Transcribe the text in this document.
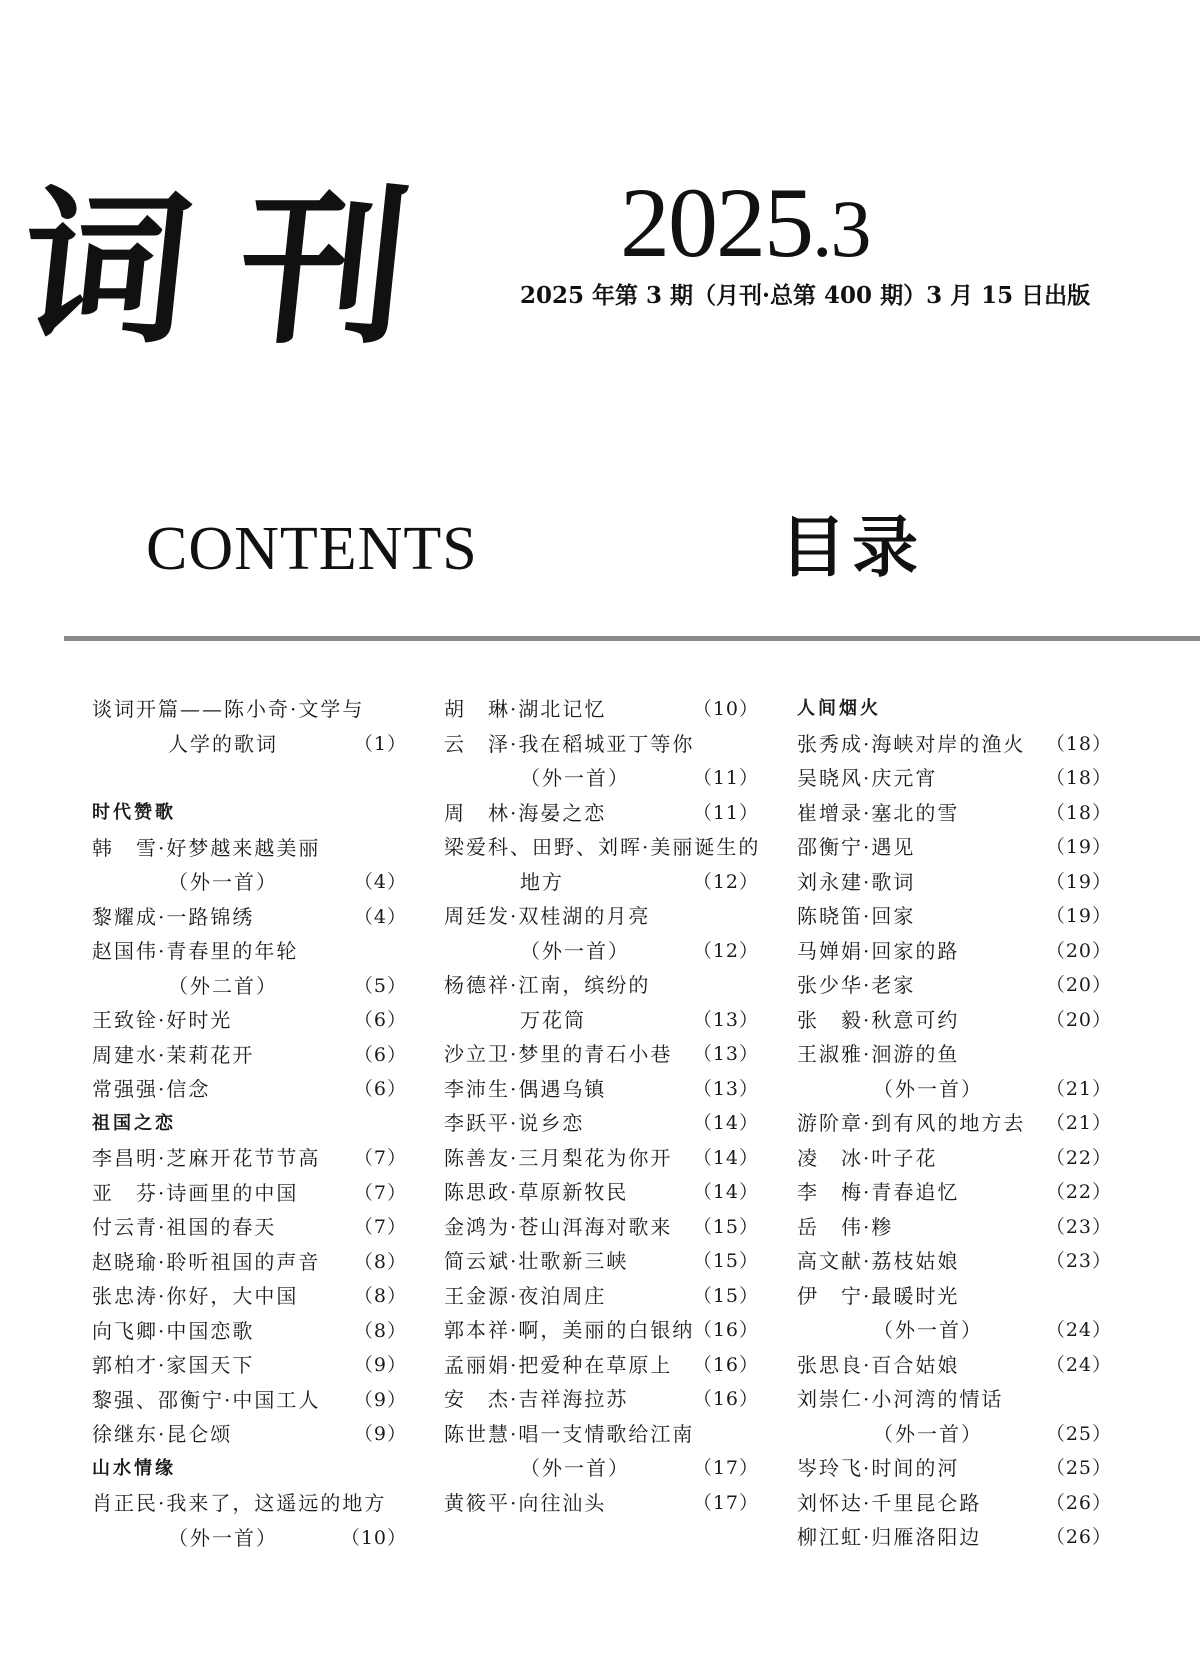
词 刊 2025.3
2025 年第 3 期（月刊·总第 400 期）3 月 15 日出版
CONTENTS	目录
谈词开篇——陈小奇·文学与
人学的歌词	（1）
时代赞歌
韩　雪·好梦越来越美丽
（外一首）	（4）
黎耀成·一路锦绣	（4）
赵国伟·青春里的年轮
（外二首）	（5）
王致铨·好时光	（6）
周建水·茉莉花开	（6）
常强强·信念	（6）
祖国之恋
李昌明·芝麻开花节节高 （7）
亚　芬·诗画里的中国	（7）
付云青·祖国的春天	（7）
赵晓瑜·聆听祖国的声音 （8）
张忠涛·你好，大中国	（8）
向飞卿·中国恋歌	（8）
郭柏才·家国天下	（9）
黎强、邵衡宁·中国工人 （9）
徐继东·昆仑颂	（9）
山水情缘
肖正民·我来了，这遥远的地方
（外一首）	（10）
胡　琳·湖北记忆	（10）
云　泽·我在稻城亚丁等你
（外一首）	（11）
周　林·海晏之恋	（11）
梁爱科、田野、刘晖·美丽诞生的
地方	（12）
周廷发·双桂湖的月亮
（外一首）	（12）
杨德祥·江南，缤纷的
万花筒	（13）
沙立卫·梦里的青石小巷 （13）
李沛生·偶遇乌镇	（13）
李跃平·说乡恋	（14）
陈善友·三月梨花为你开 （14）
陈思政·草原新牧民	（14）
金鸿为·苍山洱海对歌来 （15）
简云斌·壮歌新三峡	（15）
王金源·夜泊周庄	（15）
郭本祥·啊，美丽的白银纳
（16）
孟丽娟·把爱种在草原上 （16）
安　杰·吉祥海拉苏	（16）
陈世慧·唱一支情歌给江南
（外一首）	（17）
黄筱平·向往汕头	（17）
人间烟火
张秀成·海峡对岸的渔火 （18）
吴晓风·庆元宵	（18）
崔增录·塞北的雪	（18）
邵衡宁·遇见	（19）
刘永建·歌词	（19）
陈晓笛·回家	（19）
马婵娟·回家的路	（20）
张少华·老家	（20）
张　毅·秋意可约	（20）
王淑雅·洄游的鱼
（外一首）	（21）
游阶章·到有风的地方去 （21）
凌　冰·叶子花	（22）
李　梅·青春追忆	（22）
岳　伟·糁	（23）
高文献·荔枝姑娘	（23）
伊　宁·最暖时光
（外一首）	（24）
张思良·百合姑娘	（24）
刘崇仁·小河湾的情话
（外一首）	（25）
岑玲飞·时间的河	（25）
刘怀达·千里昆仑路	（26）
柳江虹·归雁洛阳边	（26）
